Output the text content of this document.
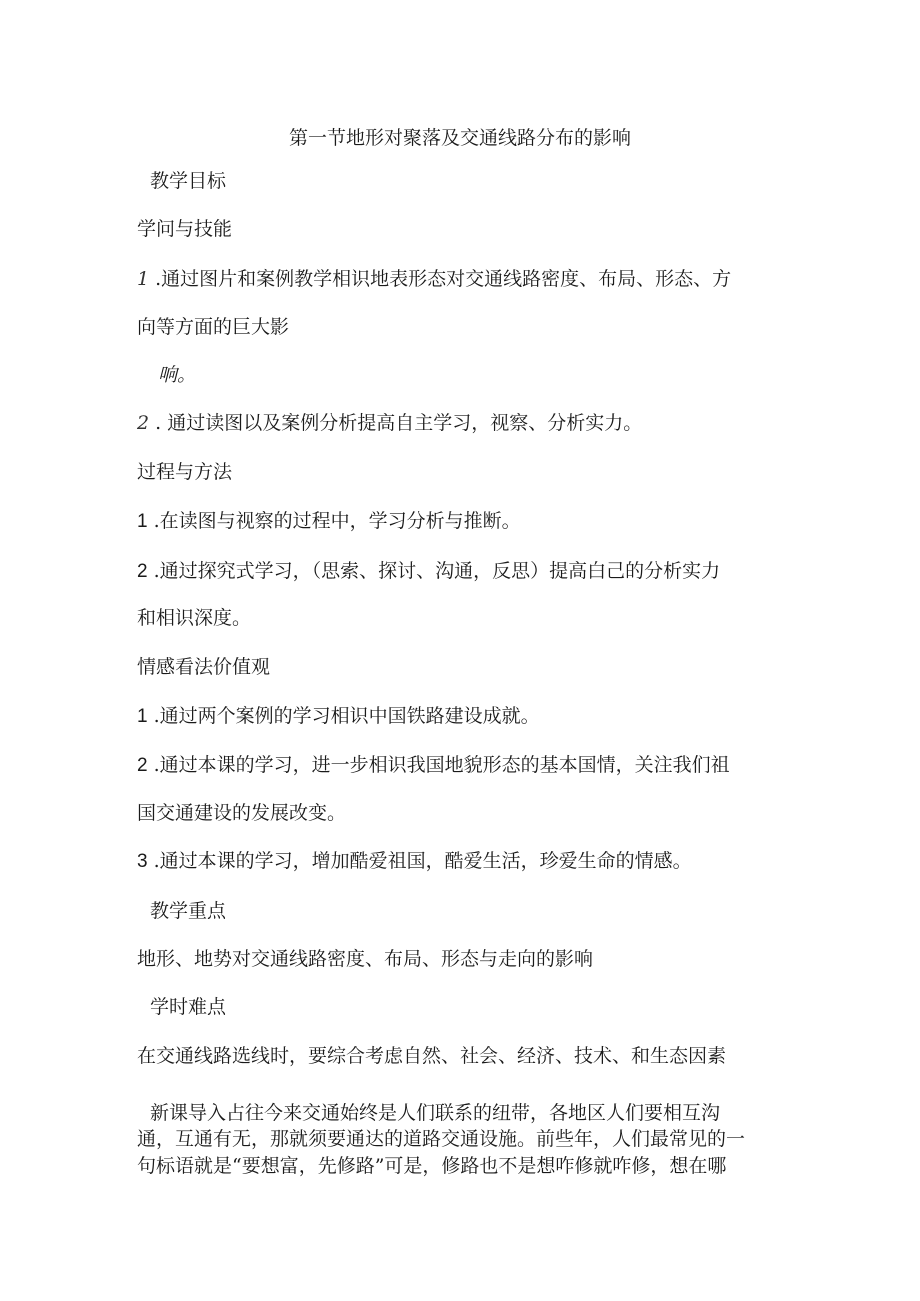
第一节地形对聚落及交通线路分布的影响
教学目标
学问与技能
1 .通过图片和案例教学相识地表形态对交通线路密度、布局、形态、方
向等方面的巨大影
响。
2 . 通过读图以及案例分析提高自主学习，视察、分析实力。
过程与方法
1 .在读图与视察的过程中，学习分析与推断。
2 .通过探究式学习，（思索、探讨、沟通，反思）提高白己的分析实力
和相识深度。
情感看法价值观
1 .通过两个案例的学习相识中国铁路建设成就。
2 .通过本课的学习，进一步相识我国地貌形态的基本国情，关注我们祖
国交通建设的发展改变。
3 .通过本课的学习，增加酷爱祖国，酷爱生活，珍爱生命的情感。
教学重点
地形、地势对交通线路密度、布局、形态与走向的影响
学时难点
在交通线路选线时，要综合考虑自然、社会、经济、技术、和生态因素
新课导入占往今来交通始终是人们联系的纽带，各地区人们要相互沟
通，互通有无，那就须要通达的道路交通设施。前些年，人们最常见的一
句标语就是“要想富，先修路”可是，修路也不是想咋修就咋修，想在哪
